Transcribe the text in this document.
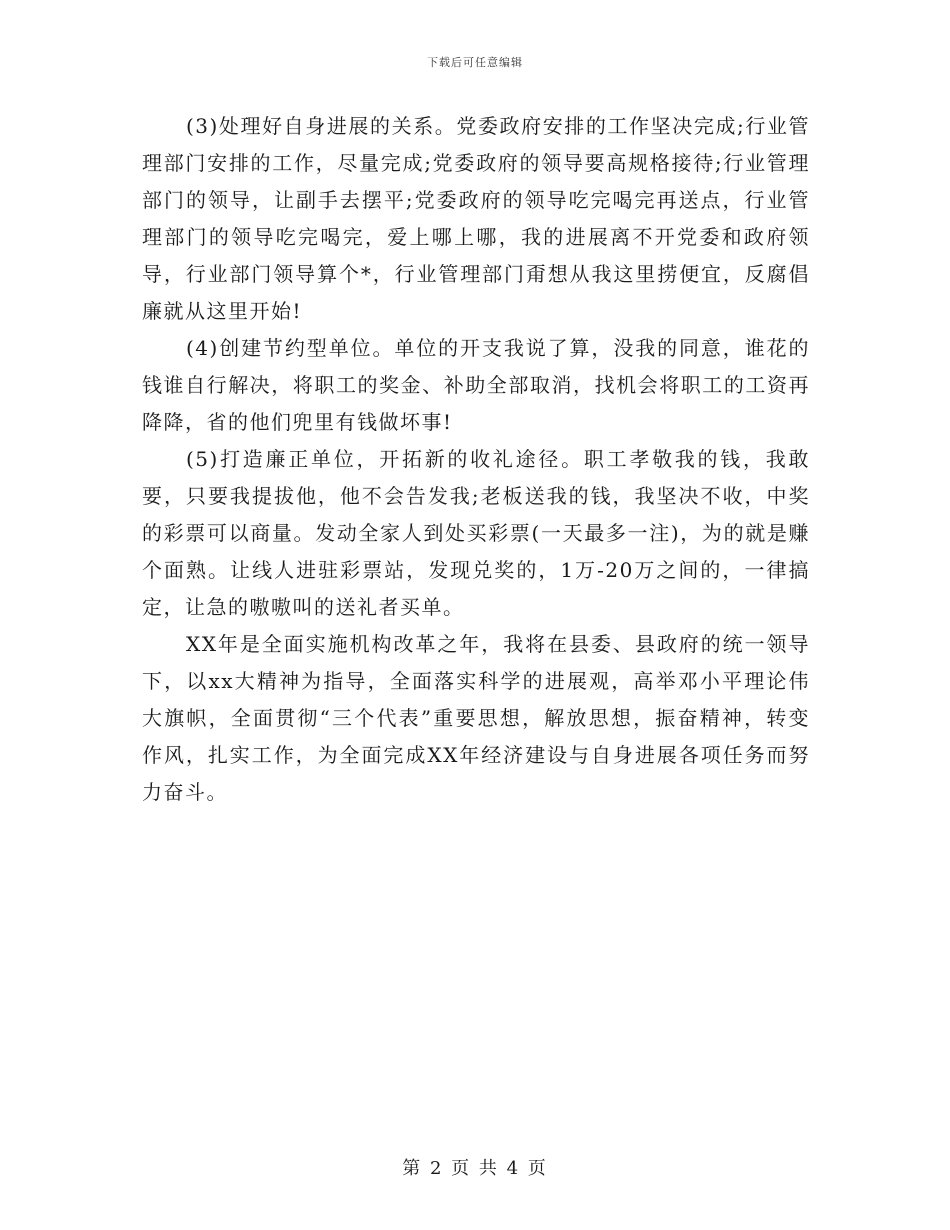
下载后可任意编辑

(3)处理好自身进展的关系。党委政府安排的工作坚决完成;行业管理部门安排的工作，尽量完成;党委政府的领导要高规格接待;行业管理部门的领导，让副手去摆平;党委政府的领导吃完喝完再送点，行业管理部门的领导吃完喝完，爱上哪上哪，我的进展离不开党委和政府领导，行业部门领导算个*，行业管理部门甭想从我这里捞便宜，反腐倡廉就从这里开始!

(4)创建节约型单位。单位的开支我说了算，没我的同意，谁花的钱谁自行解决，将职工的奖金、补助全部取消，找机会将职工的工资再降降，省的他们兜里有钱做坏事!

(5)打造廉正单位，开拓新的收礼途径。职工孝敬我的钱，我敢要，只要我提拔他，他不会告发我;老板送我的钱，我坚决不收，中奖的彩票可以商量。发动全家人到处买彩票(一天最多一注)，为的就是赚个面熟。让线人进驻彩票站，发现兑奖的，1万-20万之间的，一律搞定，让急的嗷嗷叫的送礼者买单。

XX年是全面实施机构改革之年，我将在县委、县政府的统一领导下，以xx大精神为指导，全面落实科学的进展观，高举邓小平理论伟大旗帜，全面贯彻“三个代表”重要思想，解放思想，振奋精神，转变作风，扎实工作，为全面完成XX年经济建设与自身进展各项任务而努力奋斗。

第 2 页 共 4 页
